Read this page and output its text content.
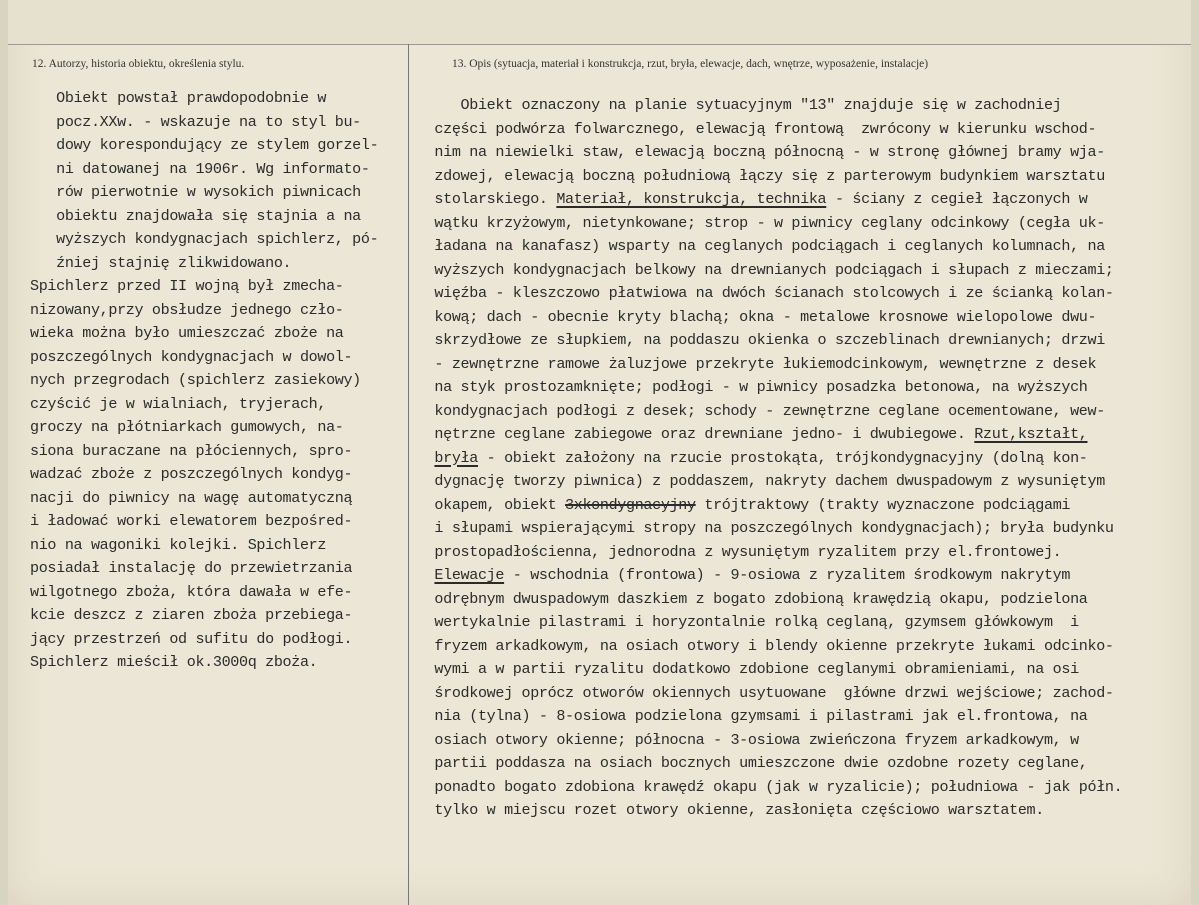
12. Autorzy, historia obiektu, określenia stylu.	13. Opis (sytuacja, materiał i konstrukcja, rzut, bryła, elewacje, dach, wnętrze, wyposażenie, instalacje)
Obiekt powstał prawdopodobnie w
pocz.XXw. - wskazuje na to styl bu-
dowy korespondujący ze stylem gorzel-
ni datowanej na 1906r. Wg informato-
rów pierwotnie w wysokich piwnicach
obiektu znajdowała się stajnia a na
wyższych kondygnacjach spichlerz, pó-
źniej stajnię zlikwidowano.
Spichlerz przed II wojną był zmecha-
nizowany,przy obsłudze jednego czło-
wieka można było umieszczać zboże na
poszczególnych kondygnacjach w dowol-
nych przegrodach (spichlerz zasiekowy)
czyścić je w wialniach, tryjerach,
groczy na płótniarkach gumowych, na-
siona buraczane na płóciennych, spro-
wadzać zboże z poszczególnych kondyg-
nacji do piwnicy na wagę automatyczną
i ładować worki elewatorem bezpośred-
nio na wagoniki kolejki. Spichlerz
posiadał instalację do przewietrzania
wilgotnego zboża, która dawała w efe-
kcie deszcz z ziaren zboża przebiega-
jący przestrzeń od sufitu do podłogi.
Spichlerz mieścił ok.3000q zboża.
Obiekt oznaczony na planie sytuacyjnym "13" znajduje się w zachodniej
części podwórza folwarcznego, elewacją frontową  zwrócony w kierunku wschod-
nim na niewielki staw, elewacją boczną północną - w stronę głównej bramy wja-
zdowej, elewacją boczną południową łączy się z parterowym budynkiem warsztatu
stolarskiego. Materiał, konstrukcja, technika - ściany z cegieł łączonych w
wątku krzyżowym, nietynkowane; strop - w piwnicy ceglany odcinkowy (cegła uk-
ładana na kanafasz) wsparty na ceglanych podciągach i ceglanych kolumnach, na
wyższych kondygnacjach belkowy na drewnianych podciągach i słupach z mieczami;
więźba - kleszczowo płatwiowa na dwóch ścianach stolcowych i ze ścianką kolan-
kową; dach - obecnie kryty blachą; okna - metalowe krosnowe wielopolowe dwu-
skrzydłowe ze słupkiem, na poddaszu okienka o szczeblinach drewnianych; drzwi
- zewnętrzne ramowe żaluzjowe przekryte łukiemodcinkowym, wewnętrzne z desek
na styk prostozamknięte; podłogi - w piwnicy posadzka betonowa, na wyższych
kondygnacjach podłogi z desek; schody - zewnętrzne ceglane ocementowane, wew-
nętrzne ceglane zabiegowe oraz drewniane jedno- i dwubiegowe. Rzut,kształt,
bryła - obiekt założony na rzucie prostokąta, trójkondygnacyjny (dolną kon-
dygnację tworzy piwnica) z poddaszem, nakryty dachem dwuspadowym z wysuniętym
okapem, obiekt 3xkondygnacyjny trójtraktowy (trakty wyznaczone podciągami
i słupami wspierającymi stropy na poszczególnych kondygnacjach); bryła budynku
prostopadłościenna, jednorodna z wysuniętym ryzalitem przy el.frontowej.
Elewacje - wschodnia (frontowa) - 9-osiowa z ryzalitem środkowym nakrytym
odrębnym dwuspadowym daszkiem z bogato zdobioną krawędzią okapu, podzielona
wertykalnie pilastrami i horyzontalnie rolką ceglaną, gzymsem główkowym  i
fryzem arkadkowym, na osiach otwory i blendy okienne przekryte łukami odcinko-
wymi a w partii ryzalitu dodatkowo zdobione ceglanymi obramieniami, na osi
środkowej oprócz otworów okiennych usytuowane  główne drzwi wejściowe; zachod-
nia (tylna) - 8-osiowa podzielona gzymsami i pilastrami jak el.frontowa, na
osiach otwory okienne; północna - 3-osiowa zwieńczona fryzem arkadkowym, w
partii poddasza na osiach bocznych umieszczone dwie ozdobne rozety ceglane,
ponadto bogato zdobiona krawędź okapu (jak w ryzalicie); południowa - jak półn.
tylko w miejscu rozet otwory okienne, zasłonięta częściowo warsztatem.
